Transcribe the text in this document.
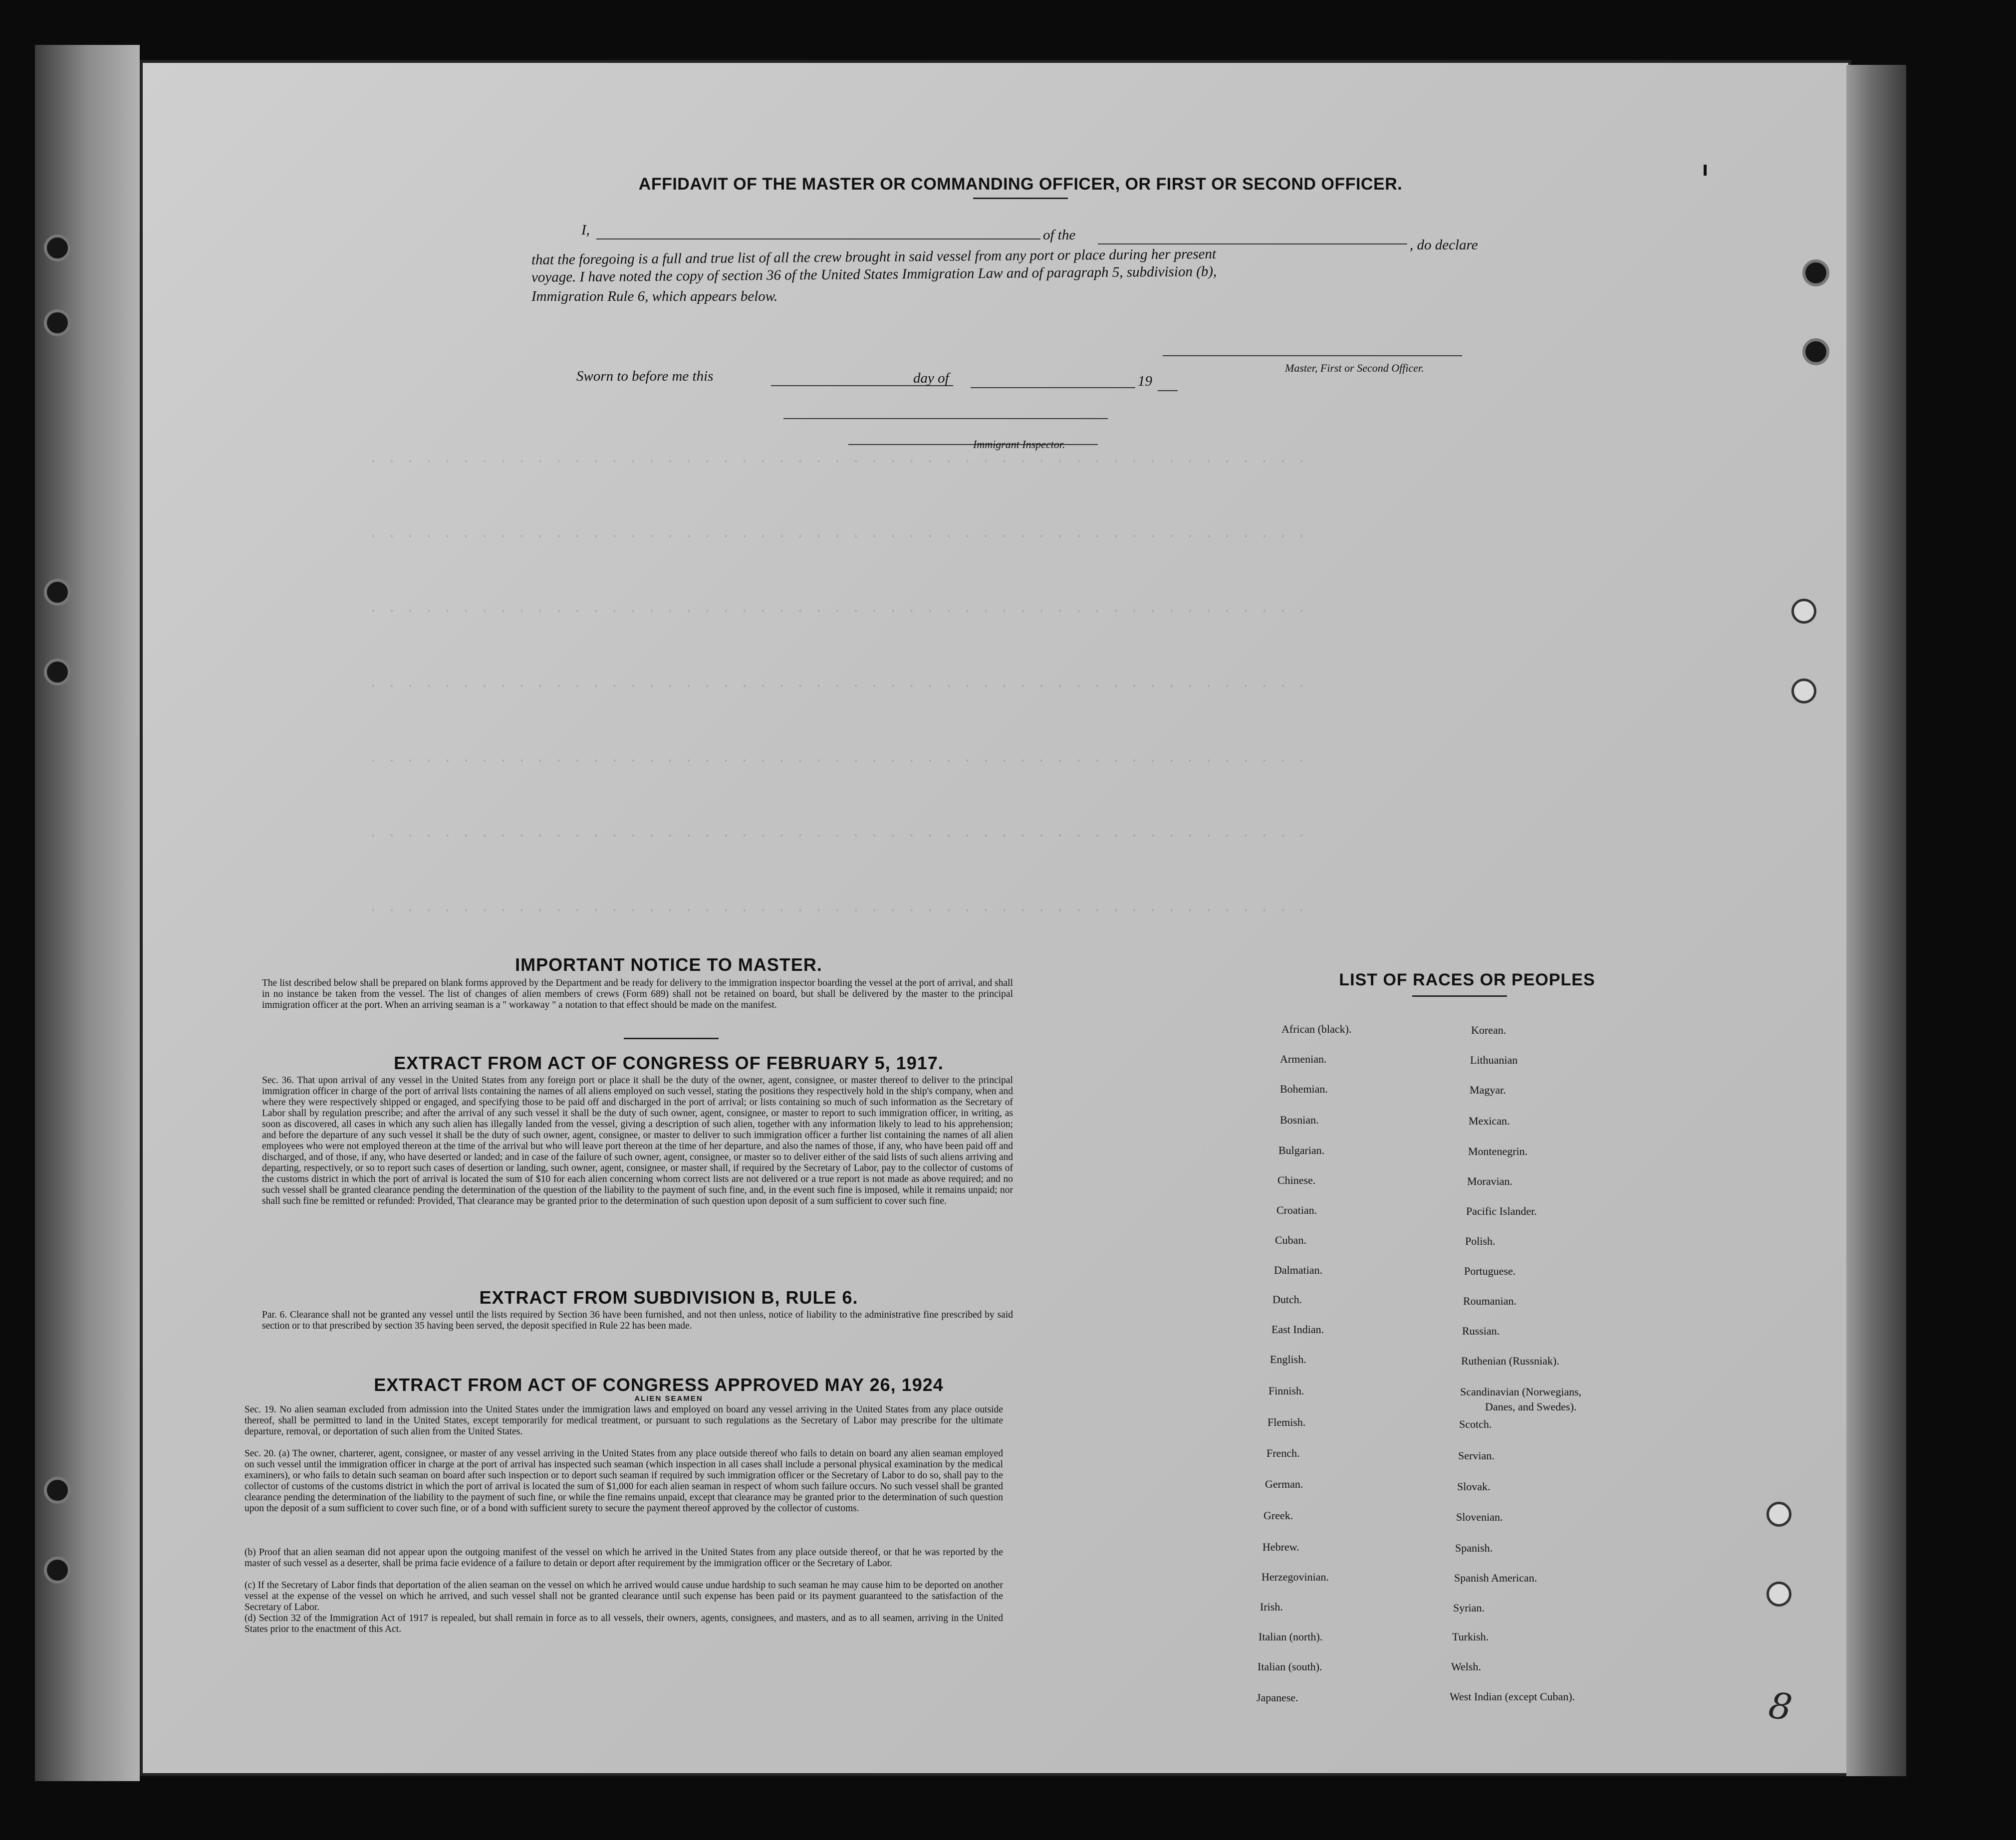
· · · · · · · · · · · · · · · · · · · · · · · · · · · · · · · · · · · · · · · · · · · · · · · · · · ·
· · · · · · · · · · · · · · · · · · · · · · · · · · · · · · · · · · · · · · · · · · · · · · · · · · ·
· · · · · · · · · · · · · · · · · · · · · · · · · · · · · · · · · · · · · · · · · · · · · · · · · · ·
· · · · · · · · · · · · · · · · · · · · · · · · · · · · · · · · · · · · · · · · · · · · · · · · · · ·
· · · · · · · · · · · · · · · · · · · · · · · · · · · · · · · · · · · · · · · · · · · · · · · · · · ·
· · · · · · · · · · · · · · · · · · · · · · · · · · · · · · · · · · · · · · · · · · · · · · · · · · ·
· · · · · · · · · · · · · · · · · · · · · · · · · · · · · · · · · · · · · · · · · · · · · · · · · · ·
AFFIDAVIT OF THE MASTER OR COMMANDING OFFICER, OR FIRST OR SECOND OFFICER.
I,	of the
, do declare
that the foregoing is a full and true list of all the crew brought in said vessel from any port or place during her present
voyage. I have noted the copy of section 36 of the United States Immigration Law and of paragraph 5, subdivision (b),
Immigration Rule 6, which appears below.
Master, First or Second Officer.
Sworn to before me this	day of	19
Immigrant Inspector.
IMPORTANT NOTICE TO MASTER.
The list described below shall be prepared on blank forms approved by the Department and be ready for delivery to the immigration inspector boarding the vessel at the port of arrival, and shall in no instance be taken from the vessel. The list of changes of alien members of crews (Form 689) shall not be retained on board, but shall be delivered by the master to the principal immigration officer at the port. When an arriving seaman is a " workaway " a notation to that effect should be made on the manifest.
EXTRACT FROM ACT OF CONGRESS OF FEBRUARY 5, 1917.
Sec. 36. That upon arrival of any vessel in the United States from any foreign port or place it shall be the duty of the owner, agent, consignee, or master thereof to deliver to the principal immigration officer in charge of the port of arrival lists containing the names of all aliens employed on such vessel, stating the positions they respectively hold in the ship's company, when and where they were respectively shipped or engaged, and specifying those to be paid off and discharged in the port of arrival; or lists containing so much of such information as the Secretary of Labor shall by regulation prescribe; and after the arrival of any such vessel it shall be the duty of such owner, agent, consignee, or master to report to such immigration officer, in writing, as soon as discovered, all cases in which any such alien has illegally landed from the vessel, giving a description of such alien, together with any information likely to lead to his apprehension; and before the departure of any such vessel it shall be the duty of such owner, agent, consignee, or master to deliver to such immigration officer a further list containing the names of all alien employees who were not employed thereon at the time of the arrival but who will leave port thereon at the time of her departure, and also the names of those, if any, who have been paid off and discharged, and of those, if any, who have deserted or landed; and in case of the failure of such owner, agent, consignee, or master so to deliver either of the said lists of such aliens arriving and departing, respectively, or so to report such cases of desertion or landing, such owner, agent, consignee, or master shall, if required by the Secretary of Labor, pay to the collector of customs of the customs district in which the port of arrival is located the sum of $10 for each alien concerning whom correct lists are not delivered or a true report is not made as above required; and no such vessel shall be granted clearance pending the determination of the question of the liability to the payment of such fine, and, in the event such fine is imposed, while it remains unpaid; nor shall such fine be remitted or refunded: Provided, That clearance may be granted prior to the determination of such question upon deposit of a sum sufficient to cover such fine.
EXTRACT FROM SUBDIVISION B, RULE 6.
Par. 6. Clearance shall not be granted any vessel until the lists required by Section 36 have been furnished, and not then unless, notice of liability to the administrative fine prescribed by said section or to that prescribed by section 35 having been served, the deposit specified in Rule 22 has been made.
EXTRACT FROM ACT OF CONGRESS APPROVED MAY 26, 1924
ALIEN SEAMEN
Sec. 19. No alien seaman excluded from admission into the United States under the immigration laws and employed on board any vessel arriving in the United States from any place outside thereof, shall be permitted to land in the United States, except temporarily for medical treatment, or pursuant to such regulations as the Secretary of Labor may prescribe for the ultimate departure, removal, or deportation of such alien from the United States.
Sec. 20. (a) The owner, charterer, agent, consignee, or master of any vessel arriving in the United States from any place outside thereof who fails to detain on board any alien seaman employed on such vessel until the immigration officer in charge at the port of arrival has inspected such seaman (which inspection in all cases shall include a personal physical examination by the medical examiners), or who fails to detain such seaman on board after such inspection or to deport such seaman if required by such immigration officer or the Secretary of Labor to do so, shall pay to the collector of customs of the customs district in which the port of arrival is located the sum of $1,000 for each alien seaman in respect of whom such failure occurs. No such vessel shall be granted clearance pending the determination of the liability to the payment of such fine, or while the fine remains unpaid, except that clearance may be granted prior to the determination of such question upon the deposit of a sum sufficient to cover such fine, or of a bond with sufficient surety to secure the payment thereof approved by the collector of customs.
(b) Proof that an alien seaman did not appear upon the outgoing manifest of the vessel on which he arrived in the United States from any place outside thereof, or that he was reported by the master of such vessel as a deserter, shall be prima facie evidence of a failure to detain or deport after requirement by the immigration officer or the Secretary of Labor.
(c) If the Secretary of Labor finds that deportation of the alien seaman on the vessel on which he arrived would cause undue hardship to such seaman he may cause him to be deported on another vessel at the expense of the vessel on which he arrived, and such vessel shall not be granted clearance until such expense has been paid or its payment guaranteed to the satisfaction of the Secretary of Labor.
(d) Section 32 of the Immigration Act of 1917 is repealed, but shall remain in force as to all vessels, their owners, agents, consignees, and masters, and as to all seamen, arriving in the United States prior to the enactment of this Act.
LIST OF RACES OR PEOPLES
African (black).
Armenian.
Bohemian.
Bosnian.
Bulgarian.
Chinese.
Croatian.
Cuban.
Dalmatian.
Dutch.
East Indian.
English.
Finnish.
Flemish.
French.
German.
Greek.
Hebrew.
Herzegovinian.
Irish.
Italian (north).
Italian (south).
Japanese.
Korean.
Lithuanian
Magyar.
Mexican.
Montenegrin.
Moravian.
Pacific Islander.
Polish.
Portuguese.
Roumanian.
Russian.
Ruthenian (Russniak).
Scandinavian (Norwegians,
Danes, and Swedes).
Scotch.
Servian.
Slovak.
Slovenian.
Spanish.
Spanish American.
Syrian.
Turkish.
Welsh.
West Indian (except Cuban).	8
